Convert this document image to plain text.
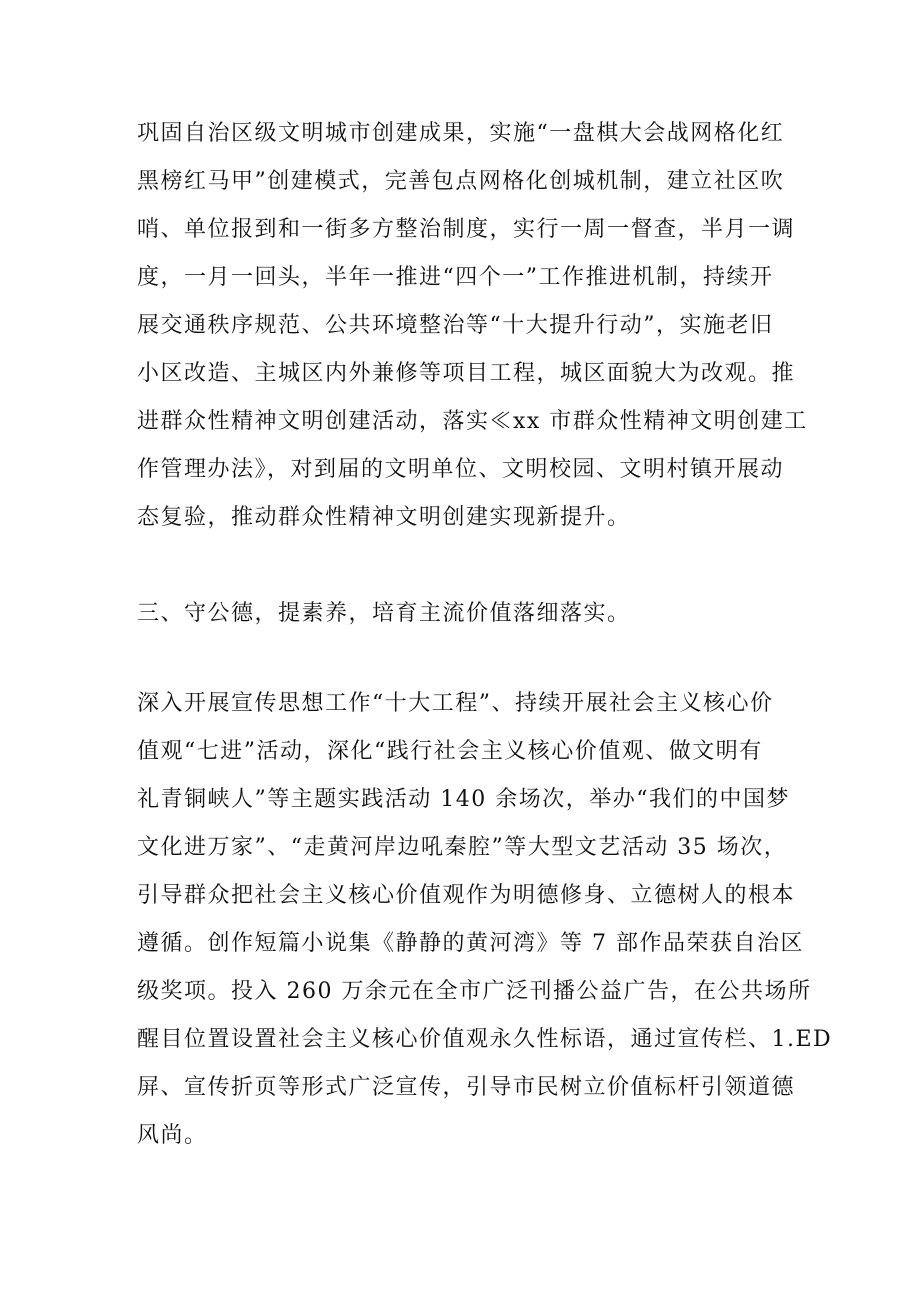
巩固自治区级文明城市创建成果，实施“一盘棋大会战网格化红
黑榜红马甲”创建模式，完善包点网格化创城机制，建立社区吹
哨、单位报到和一街多方整治制度，实行一周一督查，半月一调
度，一月一回头，半年一推进“四个一”工作推进机制，持续开
展交通秩序规范、公共环境整治等“十大提升行动”，实施老旧
小区改造、主城区内外兼修等项目工程，城区面貌大为改观。推
进群众性精神文明创建活动，落实≪xx 市群众性精神文明创建工
作管理办法》，对到届的文明单位、文明校园、文明村镇开展动
态复验，推动群众性精神文明创建实现新提升。

三、守公德，提素养，培育主流价值落细落实。

深入开展宣传思想工作“十大工程”、持续开展社会主义核心价
值观“七进”活动，深化“践行社会主义核心价值观、做文明有
礼青铜峡人”等主题实践活动 140 余场次，举办“我们的中国梦
文化进万家”、“走黄河岸边吼秦腔”等大型文艺活动 35 场次，
引导群众把社会主义核心价值观作为明德修身、立德树人的根本
遵循。创作短篇小说集《静静的黄河湾》等 7 部作品荣获自治区
级奖项。投入 260 万余元在全市广泛刊播公益广告，在公共场所
醒目位置设置社会主义核心价值观永久性标语，通过宣传栏、1.ED
屏、宣传折页等形式广泛宣传，引导市民树立价值标杆引领道德
风尚。
